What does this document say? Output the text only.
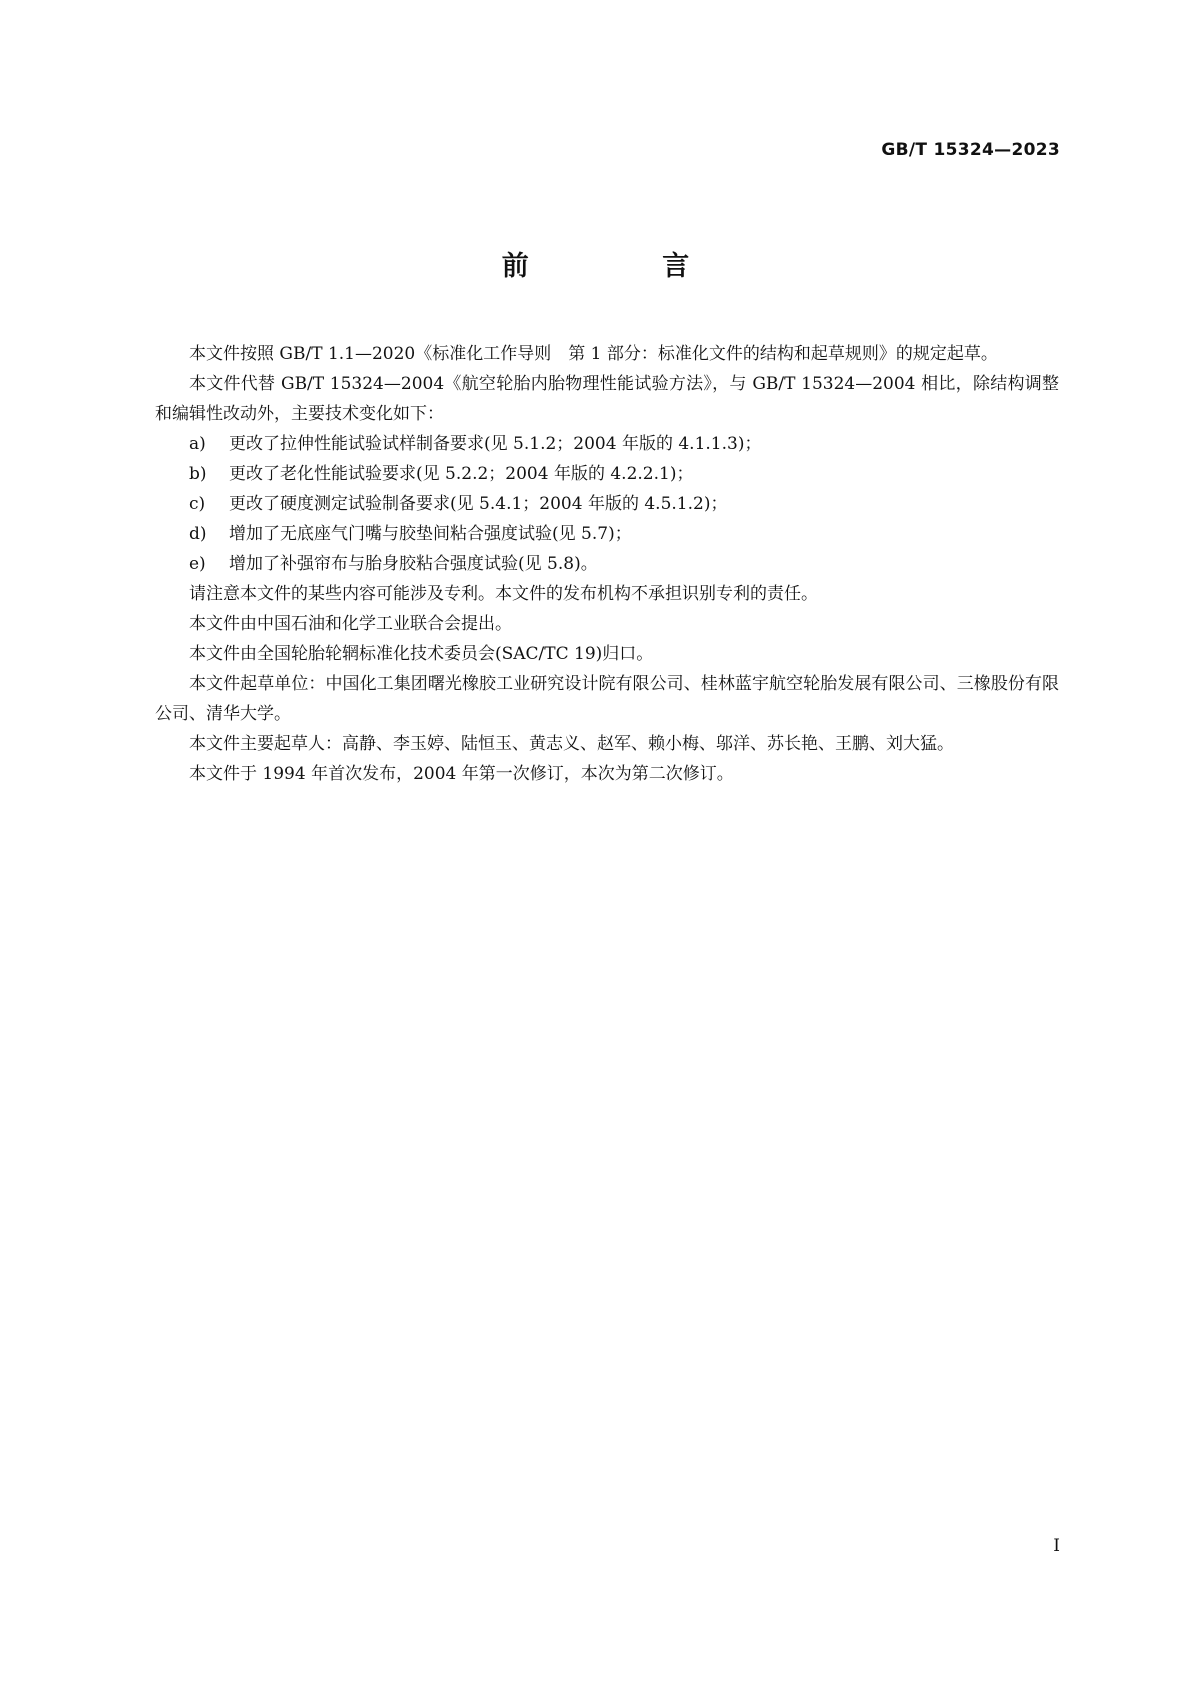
GB/T 15324—2023
前 言

本文件按照 GB/T 1.1—2020《标准化工作导则　第 1 部分：标准化文件的结构和起草规则》的规定起草。

本文件代替 GB/T 15324—2004《航空轮胎内胎物理性能试验方法》，与 GB/T 15324—2004 相比，除结构调整和编辑性改动外，主要技术变化如下：

a) 更改了拉伸性能试验试样制备要求(见 5.1.2；2004 年版的 4.1.1.3)；

b) 更改了老化性能试验要求(见 5.2.2；2004 年版的 4.2.2.1)；

c) 更改了硬度测定试验制备要求(见 5.4.1；2004 年版的 4.5.1.2)；

d) 增加了无底座气门嘴与胶垫间粘合强度试验(见 5.7)；

e) 增加了补强帘布与胎身胶粘合强度试验(见 5.8)。

请注意本文件的某些内容可能涉及专利。本文件的发布机构不承担识别专利的责任。

本文件由中国石油和化学工业联合会提出。

本文件由全国轮胎轮辋标准化技术委员会(SAC/TC 19)归口。

本文件起草单位：中国化工集团曙光橡胶工业研究设计院有限公司、桂林蓝宇航空轮胎发展有限公司、三橡股份有限公司、清华大学。

本文件主要起草人：高静、李玉婷、陆恒玉、黄志义、赵军、赖小梅、邬洋、苏长艳、王鹏、刘大猛。

本文件于 1994 年首次发布，2004 年第一次修订，本次为第二次修订。

I
